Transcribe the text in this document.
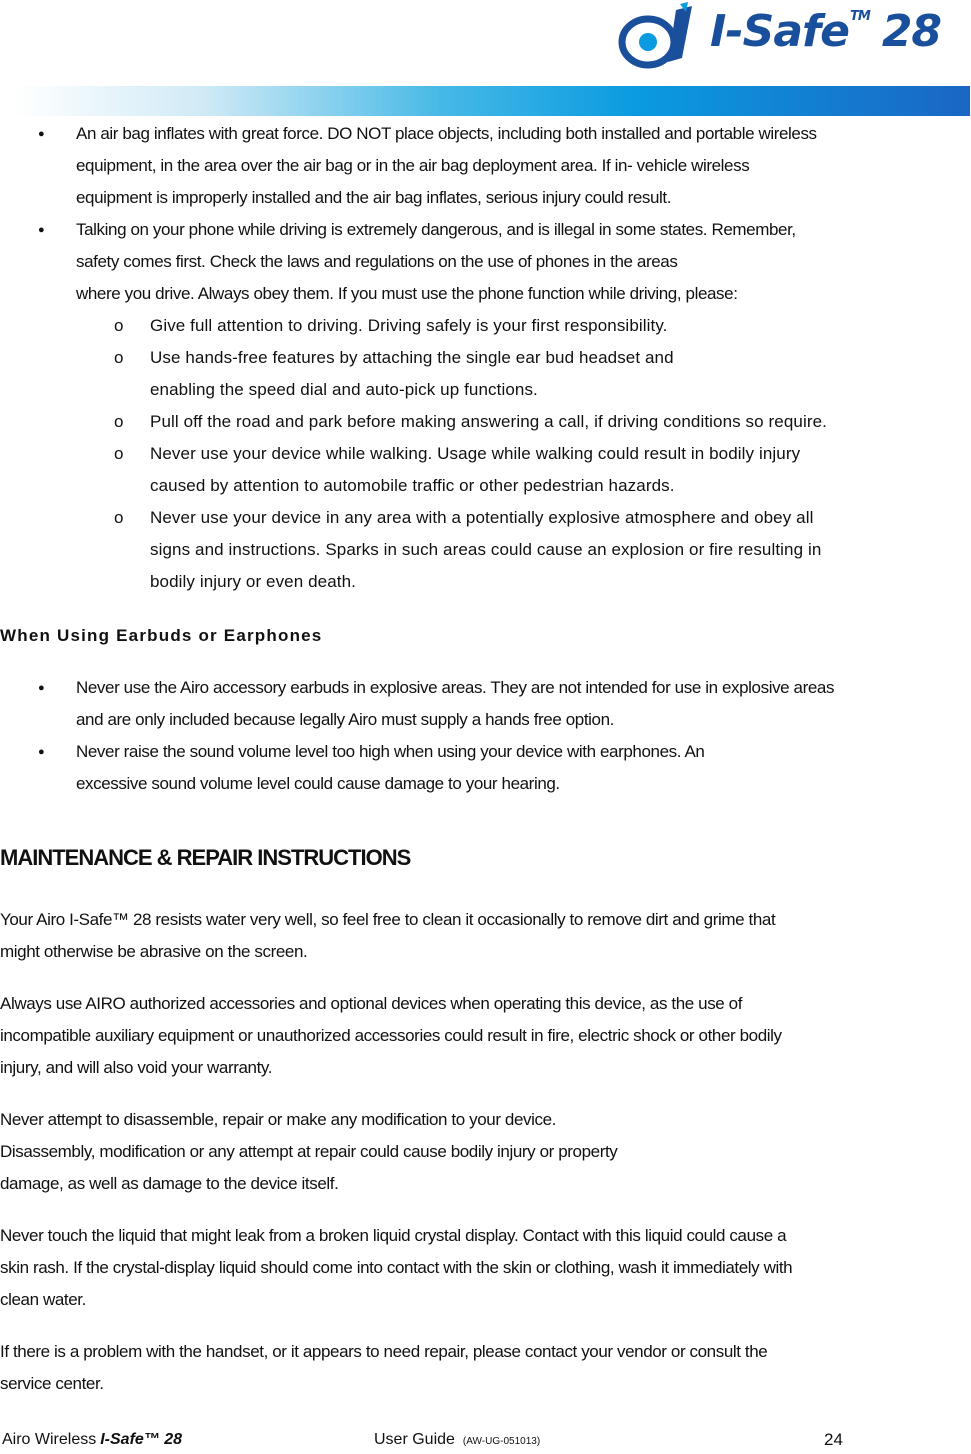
I-Safe™ 28
● An air bag inflates with great force. DO NOT place objects, including both installed and portable wireless
equipment, in the area over the air bag or in the air bag deployment area. If in- vehicle wireless
equipment is improperly installed and the air bag inflates, serious injury could result.
● Talking on your phone while driving is extremely dangerous, and is illegal in some states. Remember,
safety comes first. Check the laws and regulations on the use of phones in the areas
where you drive. Always obey them. If you must use the phone function while driving, please:
o Give full attention to driving. Driving safely is your first responsibility.
o Use hands-free features by attaching the single ear bud headset and
enabling the speed dial and auto-pick up functions.
o Pull off the road and park before making answering a call, if driving conditions so require.
o Never use your device while walking. Usage while walking could result in bodily injury
caused by attention to automobile traffic or other pedestrian hazards.
o Never use your device in any area with a potentially explosive atmosphere and obey all
signs and instructions. Sparks in such areas could cause an explosion or fire resulting in
bodily injury or even death.
When Using Earbuds or Earphones
● Never use the Airo accessory earbuds in explosive areas. They are not intended for use in explosive areas
and are only included because legally Airo must supply a hands free option.
● Never raise the sound volume level too high when using your device with earphones. An
excessive sound volume level could cause damage to your hearing.
MAINTENANCE & REPAIR INSTRUCTIONS
Your Airo I-Safe™ 28 resists water very well, so feel free to clean it occasionally to remove dirt and grime that
might otherwise be abrasive on the screen.
Always use AIRO authorized accessories and optional devices when operating this device, as the use of
incompatible auxiliary equipment or unauthorized accessories could result in fire, electric shock or other bodily
injury, and will also void your warranty.
Never attempt to disassemble, repair or make any modification to your device.
Disassembly, modification or any attempt at repair could cause bodily injury or property
damage, as well as damage to the device itself.
Never touch the liquid that might leak from a broken liquid crystal display. Contact with this liquid could cause a
skin rash. If the crystal-display liquid should come into contact with the skin or clothing, wash it immediately with
clean water.
If there is a problem with the handset, or it appears to need repair, please contact your vendor or consult the
service center.
Airo Wireless I-Safe™ 28	User Guide (AW-UG-051013)	24
